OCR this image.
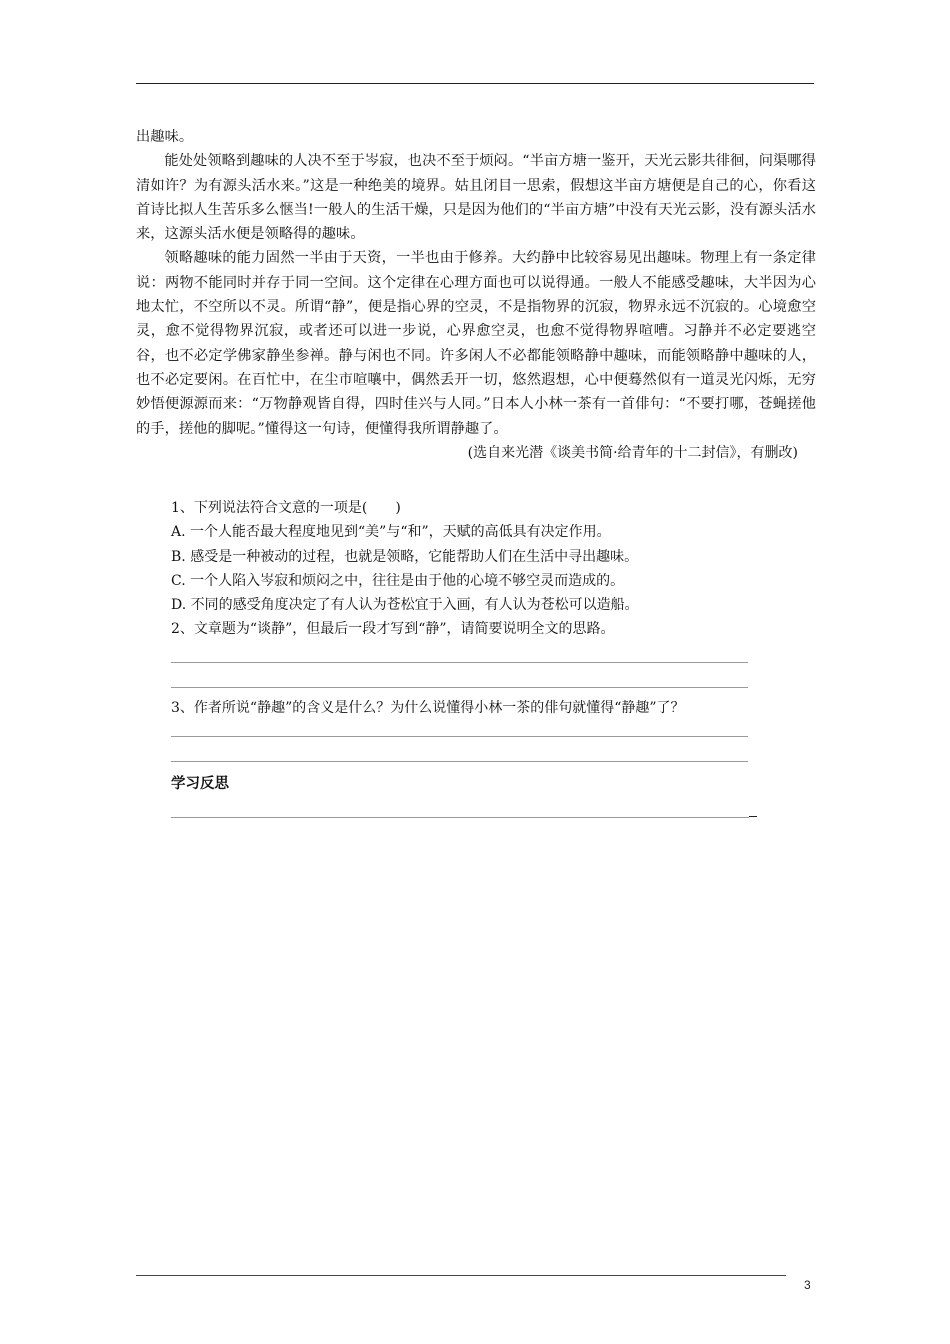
出趣味。

能处处领略到趣味的人决不至于岑寂，也决不至于烦闷。“半亩方塘一鉴开，天光云影共徘徊，问渠哪得清如许？为有源头活水来。”这是一种绝美的境界。姑且闭目一思索，假想这半亩方塘便是自己的心，你看这首诗比拟人生苦乐多么惬当!一般人的生活干燥，只是因为他们的“半亩方塘”中没有天光云影，没有源头活水来，这源头活水便是领略得的趣味。

领略趣味的能力固然一半由于天资，一半也由于修养。大约静中比较容易见出趣味。物理上有一条定律说：两物不能同时并存于同一空间。这个定律在心理方面也可以说得通。一般人不能感受趣味，大半因为心地太忙，不空所以不灵。所谓“静”，便是指心界的空灵，不是指物界的沉寂，物界永远不沉寂的。心境愈空灵，愈不觉得物界沉寂，或者还可以进一步说，心界愈空灵，也愈不觉得物界喧嘈。习静并不必定要逃空谷，也不必定学佛家静坐参禅。静与闲也不同。许多闲人不必都能领略静中趣味，而能领略静中趣味的人，也不必定要闲。在百忙中，在尘市喧嚷中，偶然丢开一切，悠然遐想，心中便蓦然似有一道灵光闪烁，无穷妙悟便源源而来：“万物静观皆自得，四时佳兴与人同。”日本人小林一茶有一首俳句：“不要打哪，苍蝇搓他的手，搓他的脚呢。”懂得这一句诗，便懂得我所谓静趣了。

(选自来光潜《谈美书简·给青年的十二封信》，有删改)

1、下列说法符合文意的一项是(　　)

A. 一个人能否最大程度地见到“美”与“和”，天赋的高低具有决定作用。

B. 感受是一种被动的过程，也就是领略，它能帮助人们在生活中寻出趣味。

C. 一个人陷入岑寂和烦闷之中，往往是由于他的心境不够空灵而造成的。

D. 不同的感受角度决定了有人认为苍松宜于入画，有人认为苍松可以造船。

2、文章题为“谈静”，但最后一段才写到“静”，请简要说明全文的思路。

3、作者所说“静趣”的含义是什么？为什么说懂得小林一茶的俳句就懂得“静趣”了？

学习反思
3
